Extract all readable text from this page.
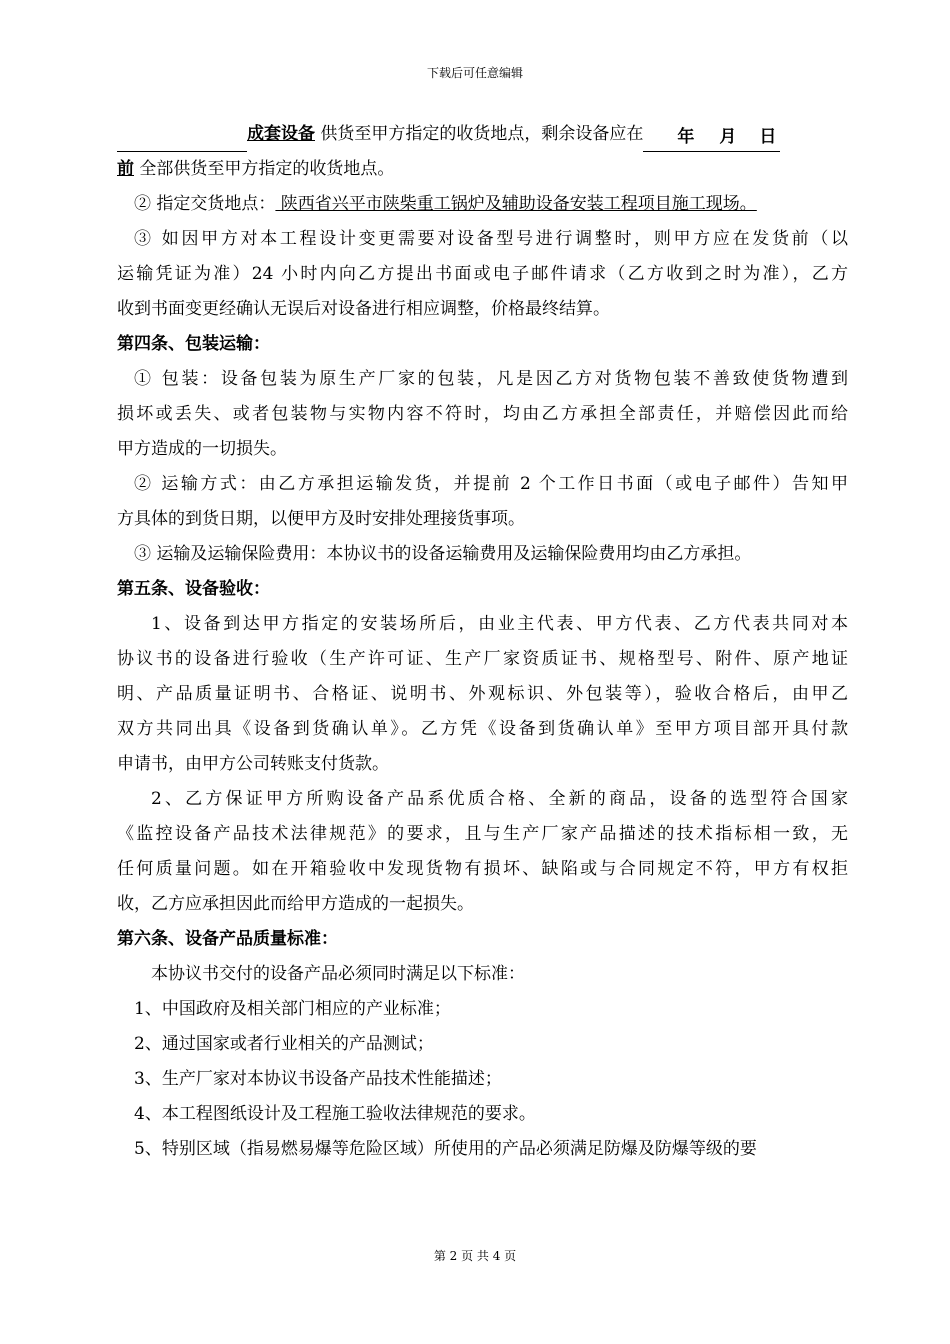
下载后可任意编辑
成套设备 供货至甲方指定的收货地点，剩余设备应在 年 月 日
前 全部供货至甲方指定的收货地点。
② 指定交货地点： 陕西省兴平市陕柴重工锅炉及辅助设备安装工程项目施工现场。
③ 如因甲方对本工程设计变更需要对设备型号进行调整时，则甲方应在发货前（以
运输凭证为准）24 小时内向乙方提出书面或电子邮件请求（乙方收到之时为准），乙方
收到书面变更经确认无误后对设备进行相应调整，价格最终结算。
第四条、包装运输：
① 包装：设备包装为原生产厂家的包装，凡是因乙方对货物包装不善致使货物遭到
损坏或丢失、或者包装物与实物内容不符时，均由乙方承担全部责任，并赔偿因此而给
甲方造成的一切损失。
② 运输方式：由乙方承担运输发货，并提前 2 个工作日书面（或电子邮件）告知甲
方具体的到货日期，以便甲方及时安排处理接货事项。
③ 运输及运输保险费用：本协议书的设备运输费用及运输保险费用均由乙方承担。
第五条、设备验收：
1、设备到达甲方指定的安装场所后，由业主代表、甲方代表、乙方代表共同对本
协议书的设备进行验收（生产许可证、生产厂家资质证书、规格型号、附件、原产地证
明、产品质量证明书、合格证、说明书、外观标识、外包装等），验收合格后，由甲乙
双方共同出具《设备到货确认单》。乙方凭《设备到货确认单》至甲方项目部开具付款
申请书，由甲方公司转账支付货款。
2、乙方保证甲方所购设备产品系优质合格、全新的商品，设备的选型符合国家
《监控设备产品技术法律规范》的要求，且与生产厂家产品描述的技术指标相一致，无
任何质量问题。如在开箱验收中发现货物有损坏、缺陷或与合同规定不符，甲方有权拒
收，乙方应承担因此而给甲方造成的一起损失。
第六条、设备产品质量标准：
本协议书交付的设备产品必须同时满足以下标准：
1、中国政府及相关部门相应的产业标准；
2、通过国家或者行业相关的产品测试；
3、生产厂家对本协议书设备产品技术性能描述；
4、本工程图纸设计及工程施工验收法律规范的要求。
5、特别区域（指易燃易爆等危险区域）所使用的产品必须满足防爆及防爆等级的要
第 2 页 共 4 页
